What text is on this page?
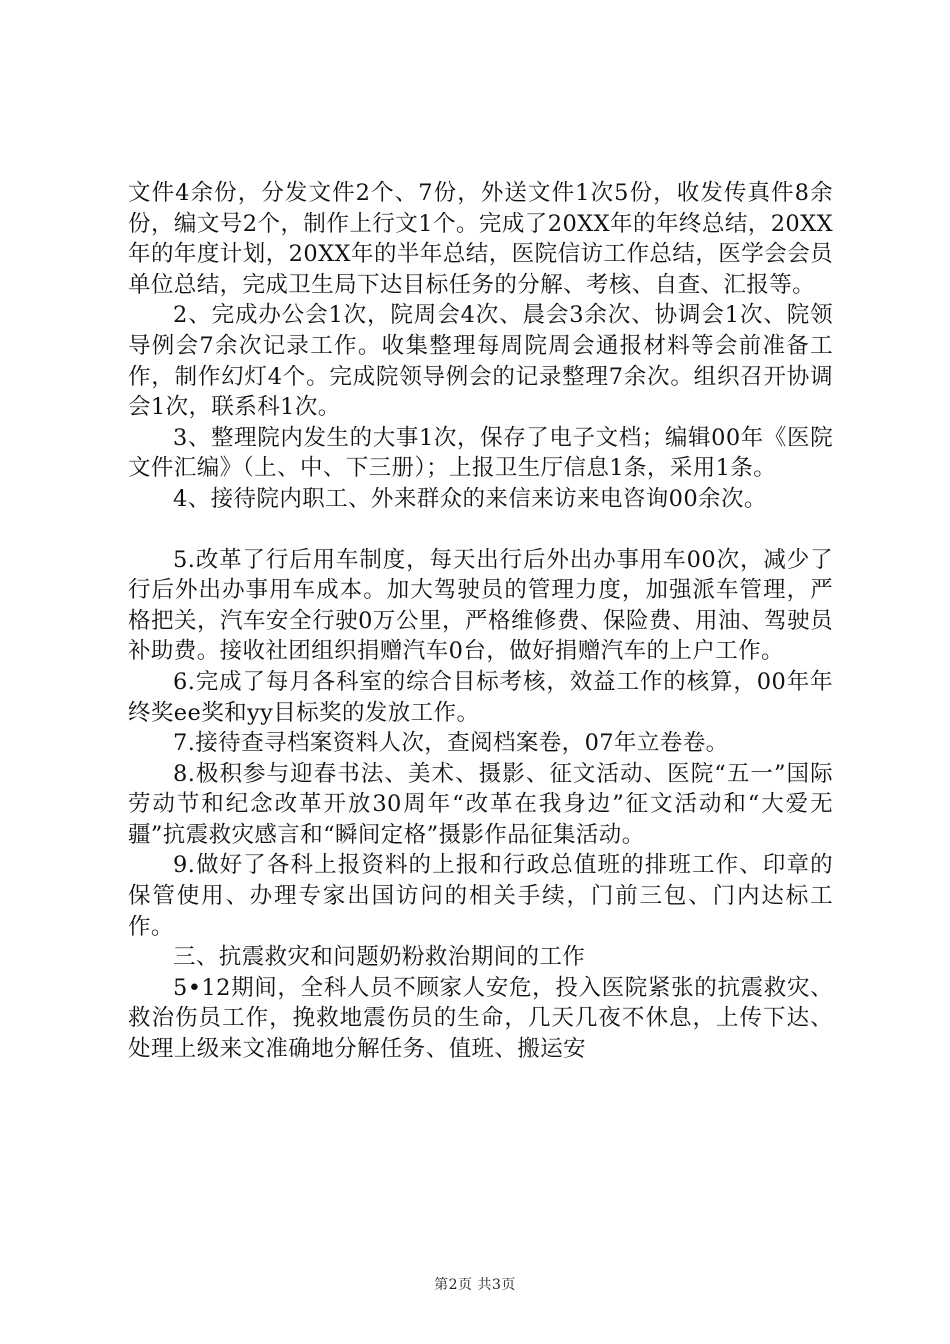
文件4余份，分发文件2个、7份，外送文件1次5份，收发传真件8余份，编文号2个，制作上行文1个。完成了20XX年的年终总结，20XX年的年度计划，20XX年的半年总结，医院信访工作总结，医学会会员单位总结，完成卫生局下达目标任务的分解、考核、自查、汇报等。

2、完成办公会1次，院周会4次、晨会3余次、协调会1次、院领导例会7余次记录工作。收集整理每周院周会通报材料等会前准备工作，制作幻灯4个。完成院领导例会的记录整理7余次。组织召开协调会1次，联系科1次。

3、整理院内发生的大事1次，保存了电子文档；编辑00年《医院文件汇编》（上、中、下三册）；上报卫生厅信息1条，采用1条。

4、接待院内职工、外来群众的来信来访来电咨询00余次。

5.改革了行后用车制度，每天出行后外出办事用车00次，减少了行后外出办事用车成本。加大驾驶员的管理力度，加强派车管理，严格把关，汽车安全行驶0万公里，严格维修费、保险费、用油、驾驶员补助费。接收社团组织捐赠汽车0台，做好捐赠汽车的上户工作。

6.完成了每月各科室的综合目标考核，效益工作的核算，00年年终奖ee奖和yy目标奖的发放工作。

7.接待查寻档案资料人次，查阅档案卷，07年立卷卷。

8.极积参与迎春书法、美术、摄影、征文活动、医院“五一”国际劳动节和纪念改革开放30周年“改革在我身边”征文活动和“大爱无疆”抗震救灾感言和“瞬间定格”摄影作品征集活动。

9.做好了各科上报资料的上报和行政总值班的排班工作、印章的保管使用、办理专家出国访问的相关手续，门前三包、门内达标工作。

三、抗震救灾和问题奶粉救治期间的工作

5•12期间，全科人员不顾家人安危，投入医院紧张的抗震救灾、救治伤员工作，挽救地震伤员的生命，几天几夜不休息，上传下达、处理上级来文准确地分解任务、值班、搬运安

第2页 共3页
